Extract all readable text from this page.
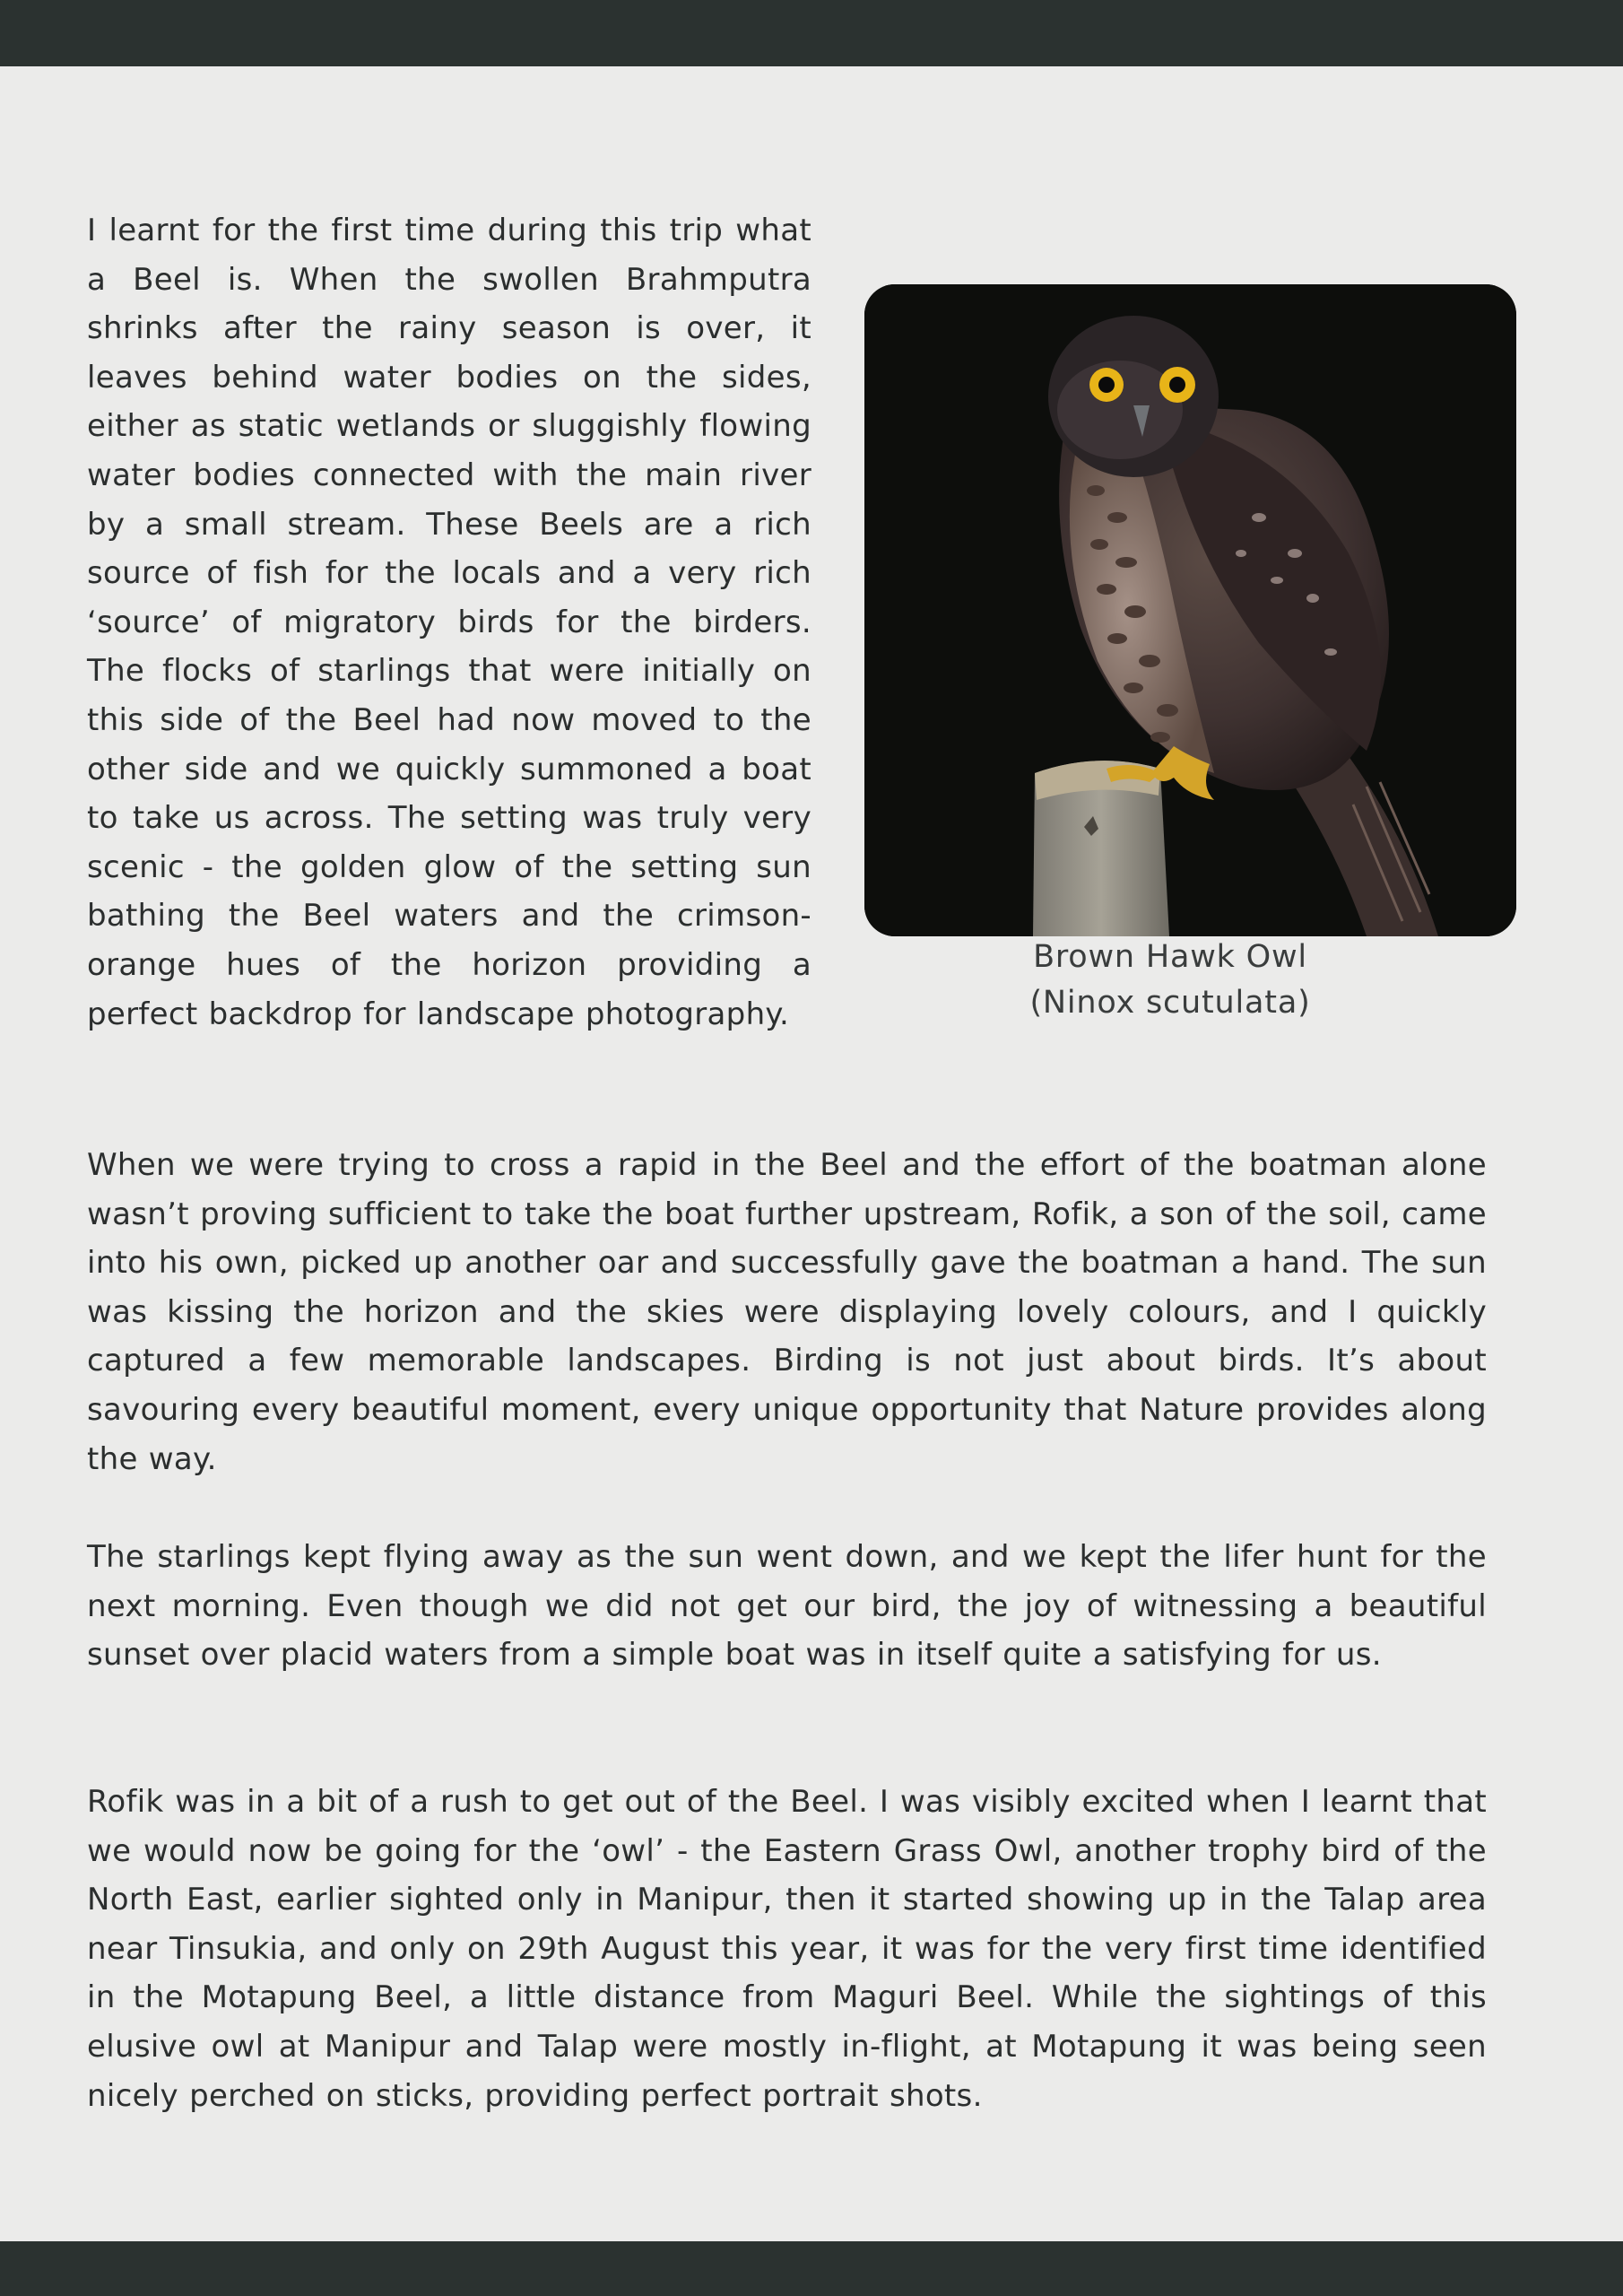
I learnt for the first time during this trip what a Beel is. When the swollen Brahmputra shrinks after the rainy season is over, it leaves behind water bodies on the sides, either as static wetlands or sluggishly flowing water bodies connected with the main river by a small stream. These Beels are a rich source of fish for the locals and a very rich ‘source’ of migratory birds for the birders. The flocks of starlings that were initially on this side of the Beel had now moved to the other side and we quickly summoned a boat to take us across. The setting was truly very scenic - the golden glow of the setting sun bathing the Beel waters and the crimson-orange hues of the horizon providing a perfect backdrop for landscape photography.

Brown Hawk Owl
(Ninox scutulata)

When we were trying to cross a rapid in the Beel and the effort of the boatman alone wasn’t proving sufficient to take the boat further upstream, Rofik, a son of the soil, came into his own, picked up another oar and successfully gave the boatman a hand. The sun was kissing the horizon and the skies were displaying lovely colours, and I quickly captured a few memorable landscapes. Birding is not just about birds. It’s about savouring every beautiful moment, every unique opportunity that Nature provides along the way.

The starlings kept flying away as the sun went down, and we kept the lifer hunt for the next morning. Even though we did not get our bird, the joy of witnessing a beautiful sunset over placid waters from a simple boat was in itself quite a satisfying for us.

Rofik was in a bit of a rush to get out of the Beel. I was visibly excited when I learnt that we would now be going for the ‘owl’ - the Eastern Grass Owl, another trophy bird of the North East, earlier sighted only in Manipur, then it started showing up in the Talap area near Tinsukia, and only on 29th August this year, it was for the very first time identified in the Motapung Beel, a little distance from Maguri Beel. While the sightings of this elusive owl at Manipur and Talap were mostly in-flight, at Motapung it was being seen nicely perched on sticks, providing perfect portrait shots.
